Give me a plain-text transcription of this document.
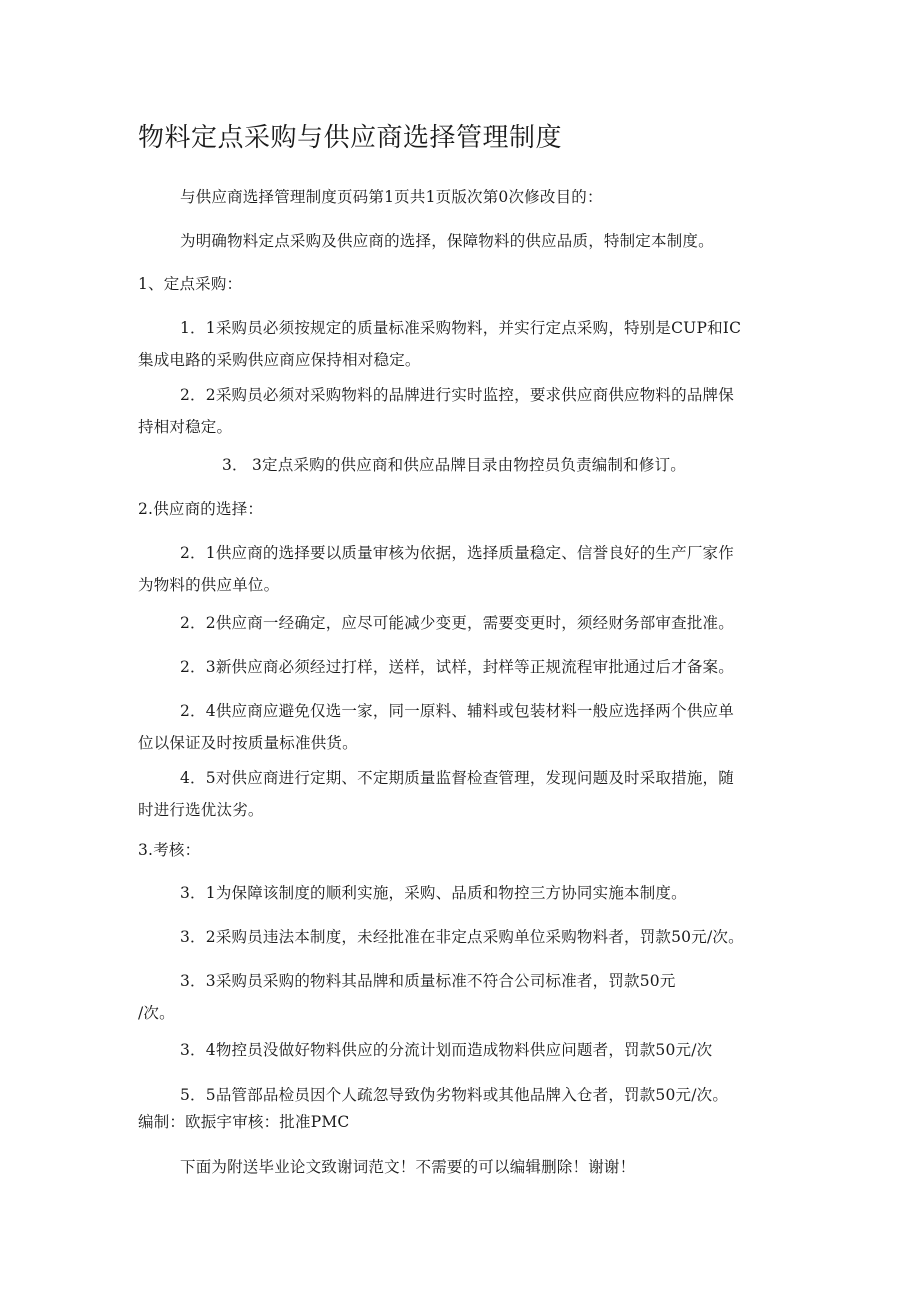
物料定点采购与供应商选择管理制度
与供应商选择管理制度页码第1页共1页版次第0次修改目的：
为明确物料定点采购及供应商的选择，保障物料的供应品质，特制定本制度。
1、定点采购：
1．1采购员必须按规定的质量标准采购物料，并实行定点采购，特别是CUP和IC
集成电路的采购供应商应保持相对稳定。
2．2采购员必须对采购物料的品牌进行实时监控，要求供应商供应物料的品牌保
持相对稳定。
3． 3定点采购的供应商和供应品牌目录由物控员负责编制和修订。
2.供应商的选择：
2．1供应商的选择要以质量审核为依据，选择质量稳定、信誉良好的生产厂家作
为物料的供应单位。
2．2供应商一经确定，应尽可能减少变更，需要变更时，须经财务部审查批准。
2．3新供应商必须经过打样，送样，试样，封样等正规流程审批通过后才备案。
2．4供应商应避免仅选一家，同一原料、辅料或包装材料一般应选择两个供应单
位以保证及时按质量标准供货。
4．5对供应商进行定期、不定期质量监督检查管理，发现问题及时采取措施，随
时进行选优汰劣。
3.考核：
3．1为保障该制度的顺利实施，采购、品质和物控三方协同实施本制度。
3．2采购员违法本制度，未经批准在非定点采购单位采购物料者，罚款50元/次。
3．3采购员采购的物料其品牌和质量标准不符合公司标准者，罚款50元
/次。
3．4物控员没做好物料供应的分流计划而造成物料供应问题者，罚款50元/次
5．5品管部品检员因个人疏忽导致伪劣物料或其他品牌入仓者，罚款50元/次。
编制：欧振宇审核：批准PMC
下面为附送毕业论文致谢词范文！不需要的可以编辑删除！谢谢！
